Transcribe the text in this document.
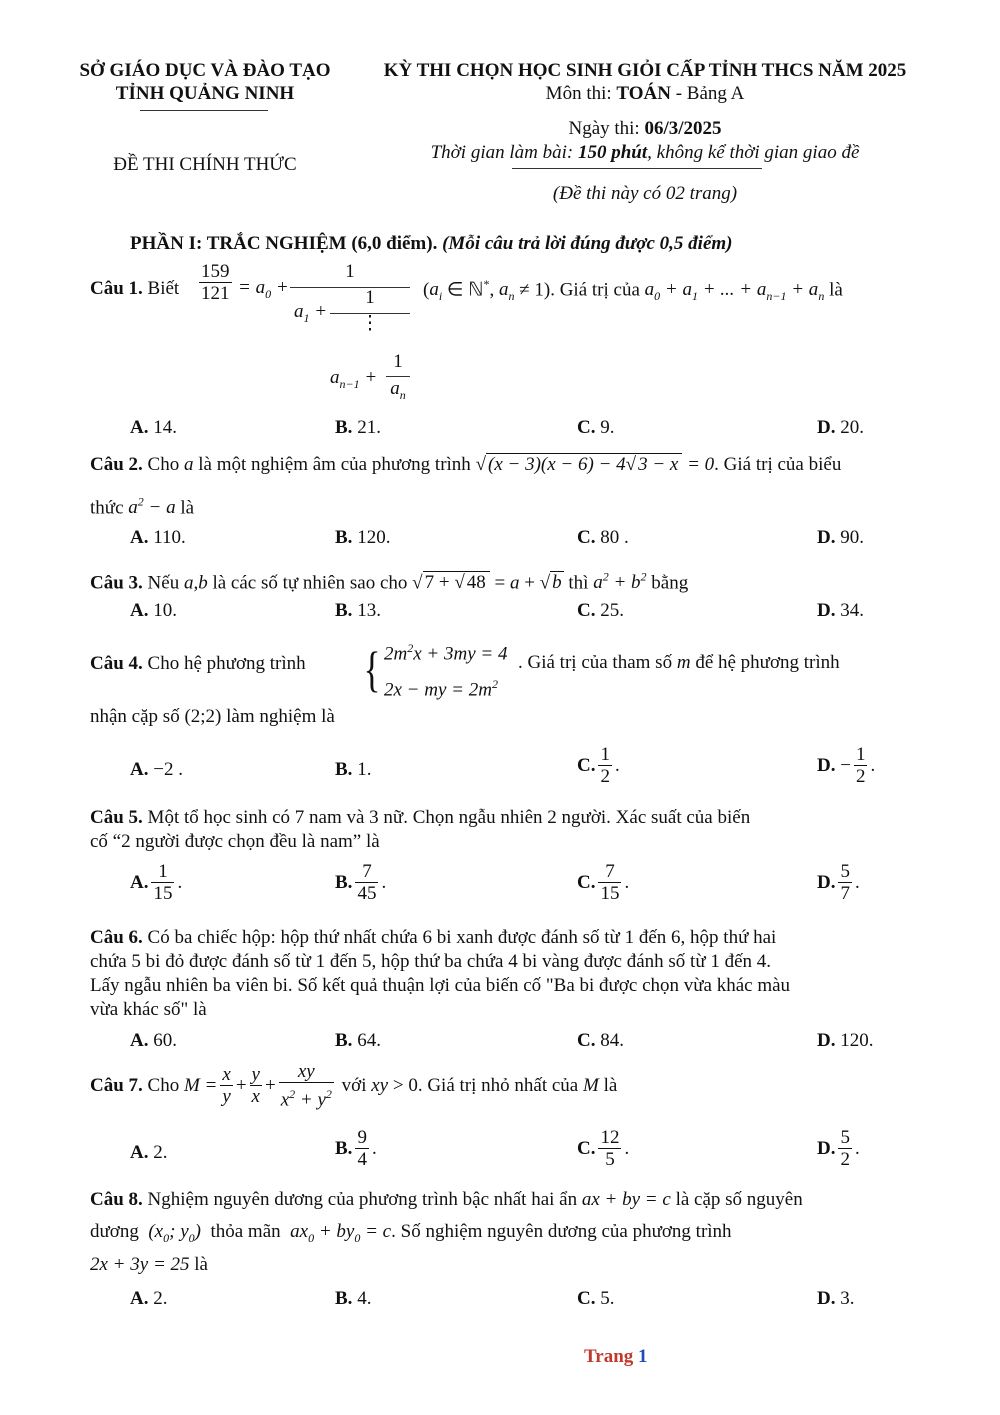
SỞ GIÁO DỤC VÀ ĐÀO TẠO
TỈNH QUẢNG NINH
ĐỀ THI CHÍNH THỨC
KỲ THI CHỌN HỌC SINH GIỎI CẤP TỈNH THCS NĂM 2025
Môn thi: TOÁN - Bảng A
Ngày thi: 06/3/2025
Thời gian làm bài: 150 phút, không kể thời gian giao đề
(Đề thi này có 02 trang)
PHẦN I: TRẮC NGHIỆM (6,0 điểm). (Mỗi câu trả lời đúng được 0,5 điểm)
Câu 1. Biết $\frac{159}{121} = a_0$ +
1
$a_1$ +
1
⋮
$a_{n-1}$ +
1
$a_n$
($a_i$ ∈ ℕ*, $a_n \ne 1$). Giá trị của $a_0 + a_1$ + ... + $a_{n-1} + a_n$ là
A. 14.	B. 21.	C. 9.	D. 20.
Câu 2. Cho a là một nghiệm âm của phương trình √ (x − 3)(x − 6) − 4√ 3 − x = 0. Giá trị của biểu
thức $a^2 - a$ là
A. 110.	B. 120.	C. 80 .	D. 90.
Câu 3. Nếu a,b là các số tự nhiên sao cho √ 7 + √ 48 = a + √ b thì $a^2 + b^2$ bằng
A. 10.	B. 13.	C. 25.	D. 34.
Câu 4. Cho hệ phương trình { $2m^2x + 3my = 4$
2x − my = $2m^2$
. Giá trị của tham số m để hệ phương trình
nhận cặp số (2;2) làm nghiệm là
A. −2 .	B. 1.	C. $\frac{1}{2}$ .	D. − $\frac{1}{2}$ .
Câu 5. Một tổ học sinh có 7 nam và 3 nữ. Chọn ngẫu nhiên 2 người. Xác suất của biến
cố “2 người được chọn đều là nam” là
A. $\frac{1}{15}$ .	B. $\frac{7}{45}$ .	C. $\frac{7}{15}$ .	D. $\frac{5}{7}$ .
Câu 6. Có ba chiếc hộp: hộp thứ nhất chứa 6 bi xanh được đánh số từ 1 đến 6, hộp thứ hai
chứa 5 bi đỏ được đánh số từ 1 đến 5, hộp thứ ba chứa 4 bi vàng được đánh số từ 1 đến 4.
Lấy ngẫu nhiên ba viên bi. Số kết quả thuận lợi của biến cố "Ba bi được chọn vừa khác màu
vừa khác số" là
A. 60.	B. 64.	C. 84.	D. 120.
Câu 7. Cho $M = \frac{x}{y} + \frac{y}{x} + \frac{xy}{x^2 + y^2}$ với xy > 0. Giá trị nhỏ nhất của M là
A. 2.	B. $\frac{9}{4}$ .	C. $\frac{12}{5}$ .	D. $\frac{5}{2}$ .
Câu 8. Nghiệm nguyên dương của phương trình bậc nhất hai ẩn ax + by = c là cặp số nguyên
dương ($x_0$; $y_0$) thỏa mãn $ax_0 + by_0 = c$. Số nghiệm nguyên dương của phương trình
2x + 3y = 25 là
A. 2.	B. 4.	C. 5.	D. 3.
Trang 1
